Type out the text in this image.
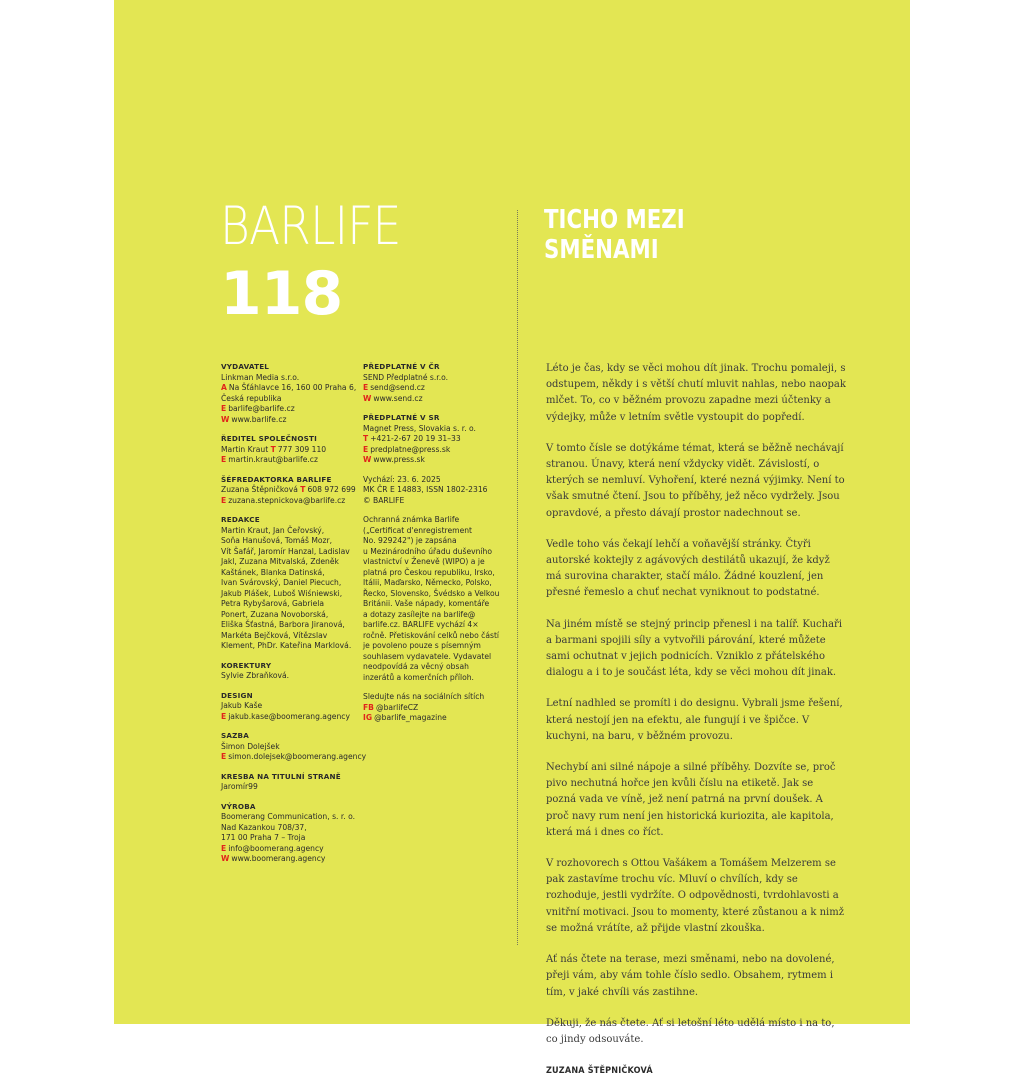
BARLIFE
118
TICHO MEZI SMĚNAMI
VYDAVATEL
Linkman Media s.r.o.
A Na Šťáhlavce 16, 160 00 Praha 6,
Česká republika
E barlife@barlife.cz
W www.barlife.cz
ŘEDITEL SPOLEČNOSTI
Martin Kraut T 777 309 110
E martin.kraut@barlife.cz
ŠÉFREDAKTORKA BARLIFE
Zuzana Štěpničková T 608 972 699
E zuzana.stepnickova@barlife.cz
REDAKCE
Martin Kraut, Jan Čeřovský,
Soňa Hanušová, Tomáš Mozr,
Vít Šafář, Jaromír Hanzal, Ladislav
Jakl, Zuzana Mitvalská, Zdeněk
Kaštánek, Blanka Datinská,
Ivan Svárovský, Daniel Piecuch,
Jakub Plášek, Luboš Wiśniewski,
Petra Rybyšarová, Gabriela
Ponert, Zuzana Novoborská,
Eliška Šťastná, Barbora Jiranová,
Markéta Bejčková, Vítězslav
Klement, PhDr. Kateřina Marklová.
KOREKTURY
Sylvie Zbraňková.
DESIGN
Jakub Kaše
E jakub.kase@boomerang.agency
SAZBA
Šimon Dolejšek
E simon.dolejsek@boomerang.agency
KRESBA NA TITULNÍ STRANĚ
Jaromír99
VÝROBA
Boomerang Communication, s. r. o.
Nad Kazankou 708/37,
171 00 Praha 7 – Troja
E info@boomerang.agency
W www.boomerang.agency
PŘEDPLATNÉ V ČR
SEND Předplatné s.r.o.
E send@send.cz
W www.send.cz
PŘEDPLATNÉ V SR
Magnet Press, Slovakia s. r. o.
T +421-2-67 20 19 31–33
E predplatne@press.sk
W www.press.sk
Vychází: 23. 6. 2025
MK ČR E 14883, ISSN 1802-2316
© BARLIFE
Ochranná známka Barlife
(„Certificat d'enregistrement
No. 929242") je zapsána
u Mezinárodního úřadu duševního
vlastnictví v Ženevě (WIPO) a je
platná pro Českou republiku, Irsko,
Itálii, Maďarsko, Německo, Polsko,
Řecko, Slovensko, Švédsko a Velkou
Británii. Vaše nápady, komentáře
a dotazy zasílejte na barlife@
barlife.cz. BARLIFE vychází 4×
ročně. Přetiskování celků nebo částí
je povoleno pouze s písemným
souhlasem vydavatele. Vydavatel
neodpovídá za věcný obsah
inzerátů a komerčních příloh.
Sledujte nás na sociálních sítích
FB @barlifeCZ
IG @barlife_magazine

Léto je čas, kdy se věci mohou dít jinak. Trochu pomaleji, s odstupem, někdy i s větší chutí mluvit nahlas, nebo naopak mlčet. To, co v běžném provozu zapadne mezi účtenky a výdejky, může v letním světle vystoupit do popředí.

V tomto čísle se dotýkáme témat, která se běžně nechávají stranou. Únavy, která není vždycky vidět. Závislostí, o kterých se nemluví. Vyhoření, které nezná výjimky. Není to však smutné čtení. Jsou to příběhy, jež něco vydržely. Jsou opravdové, a přesto dávají prostor nadechnout se.

Vedle toho vás čekají lehčí a voňavější stránky. Čtyři autorské koktejly z agávových destilátů ukazují, že když má surovina charakter, stačí málo. Žádné kouzlení, jen přesné řemeslo a chuť nechat vyniknout to podstatné.

Na jiném místě se stejný princip přenesl i na talíř. Kuchaři a barmani spojili síly a vytvořili párování, které můžete sami ochutnat v jejich podnicích. Vzniklo z přátelského dialogu a i to je součást léta, kdy se věci mohou dít jinak.

Letní nadhled se promítl i do designu. Vybrali jsme řešení, která nestojí jen na efektu, ale fungují i ve špičce. V kuchyni, na baru, v běžném provozu.

Nechybí ani silné nápoje a silné příběhy. Dozvíte se, proč pivo nechutná hořce jen kvůli číslu na etiketě. Jak se pozná vada ve víně, jež není patrná na první doušek. A proč navy rum není jen historická kuriozita, ale kapitola, která má i dnes co říct.

V rozhovorech s Ottou Vašákem a Tomášem Melzerem se pak zastavíme trochu víc. Mluví o chvílích, kdy se rozhoduje, jestli vydržíte. O odpovědnosti, tvrdohlavosti a vnitřní motivaci. Jsou to momenty, které zůstanou a k nimž se možná vrátíte, až přijde vlastní zkouška.

Ať nás čtete na terase, mezi směnami, nebo na dovolené, přeji vám, aby vám tohle číslo sedlo. Obsahem, rytmem i tím, v jaké chvíli vás zastihne.

Děkuji, že nás čtete. Ať si letošní léto udělá místo i na to, co jindy odsouváte.

ZUZANA ŠTĚPNIČKOVÁ
